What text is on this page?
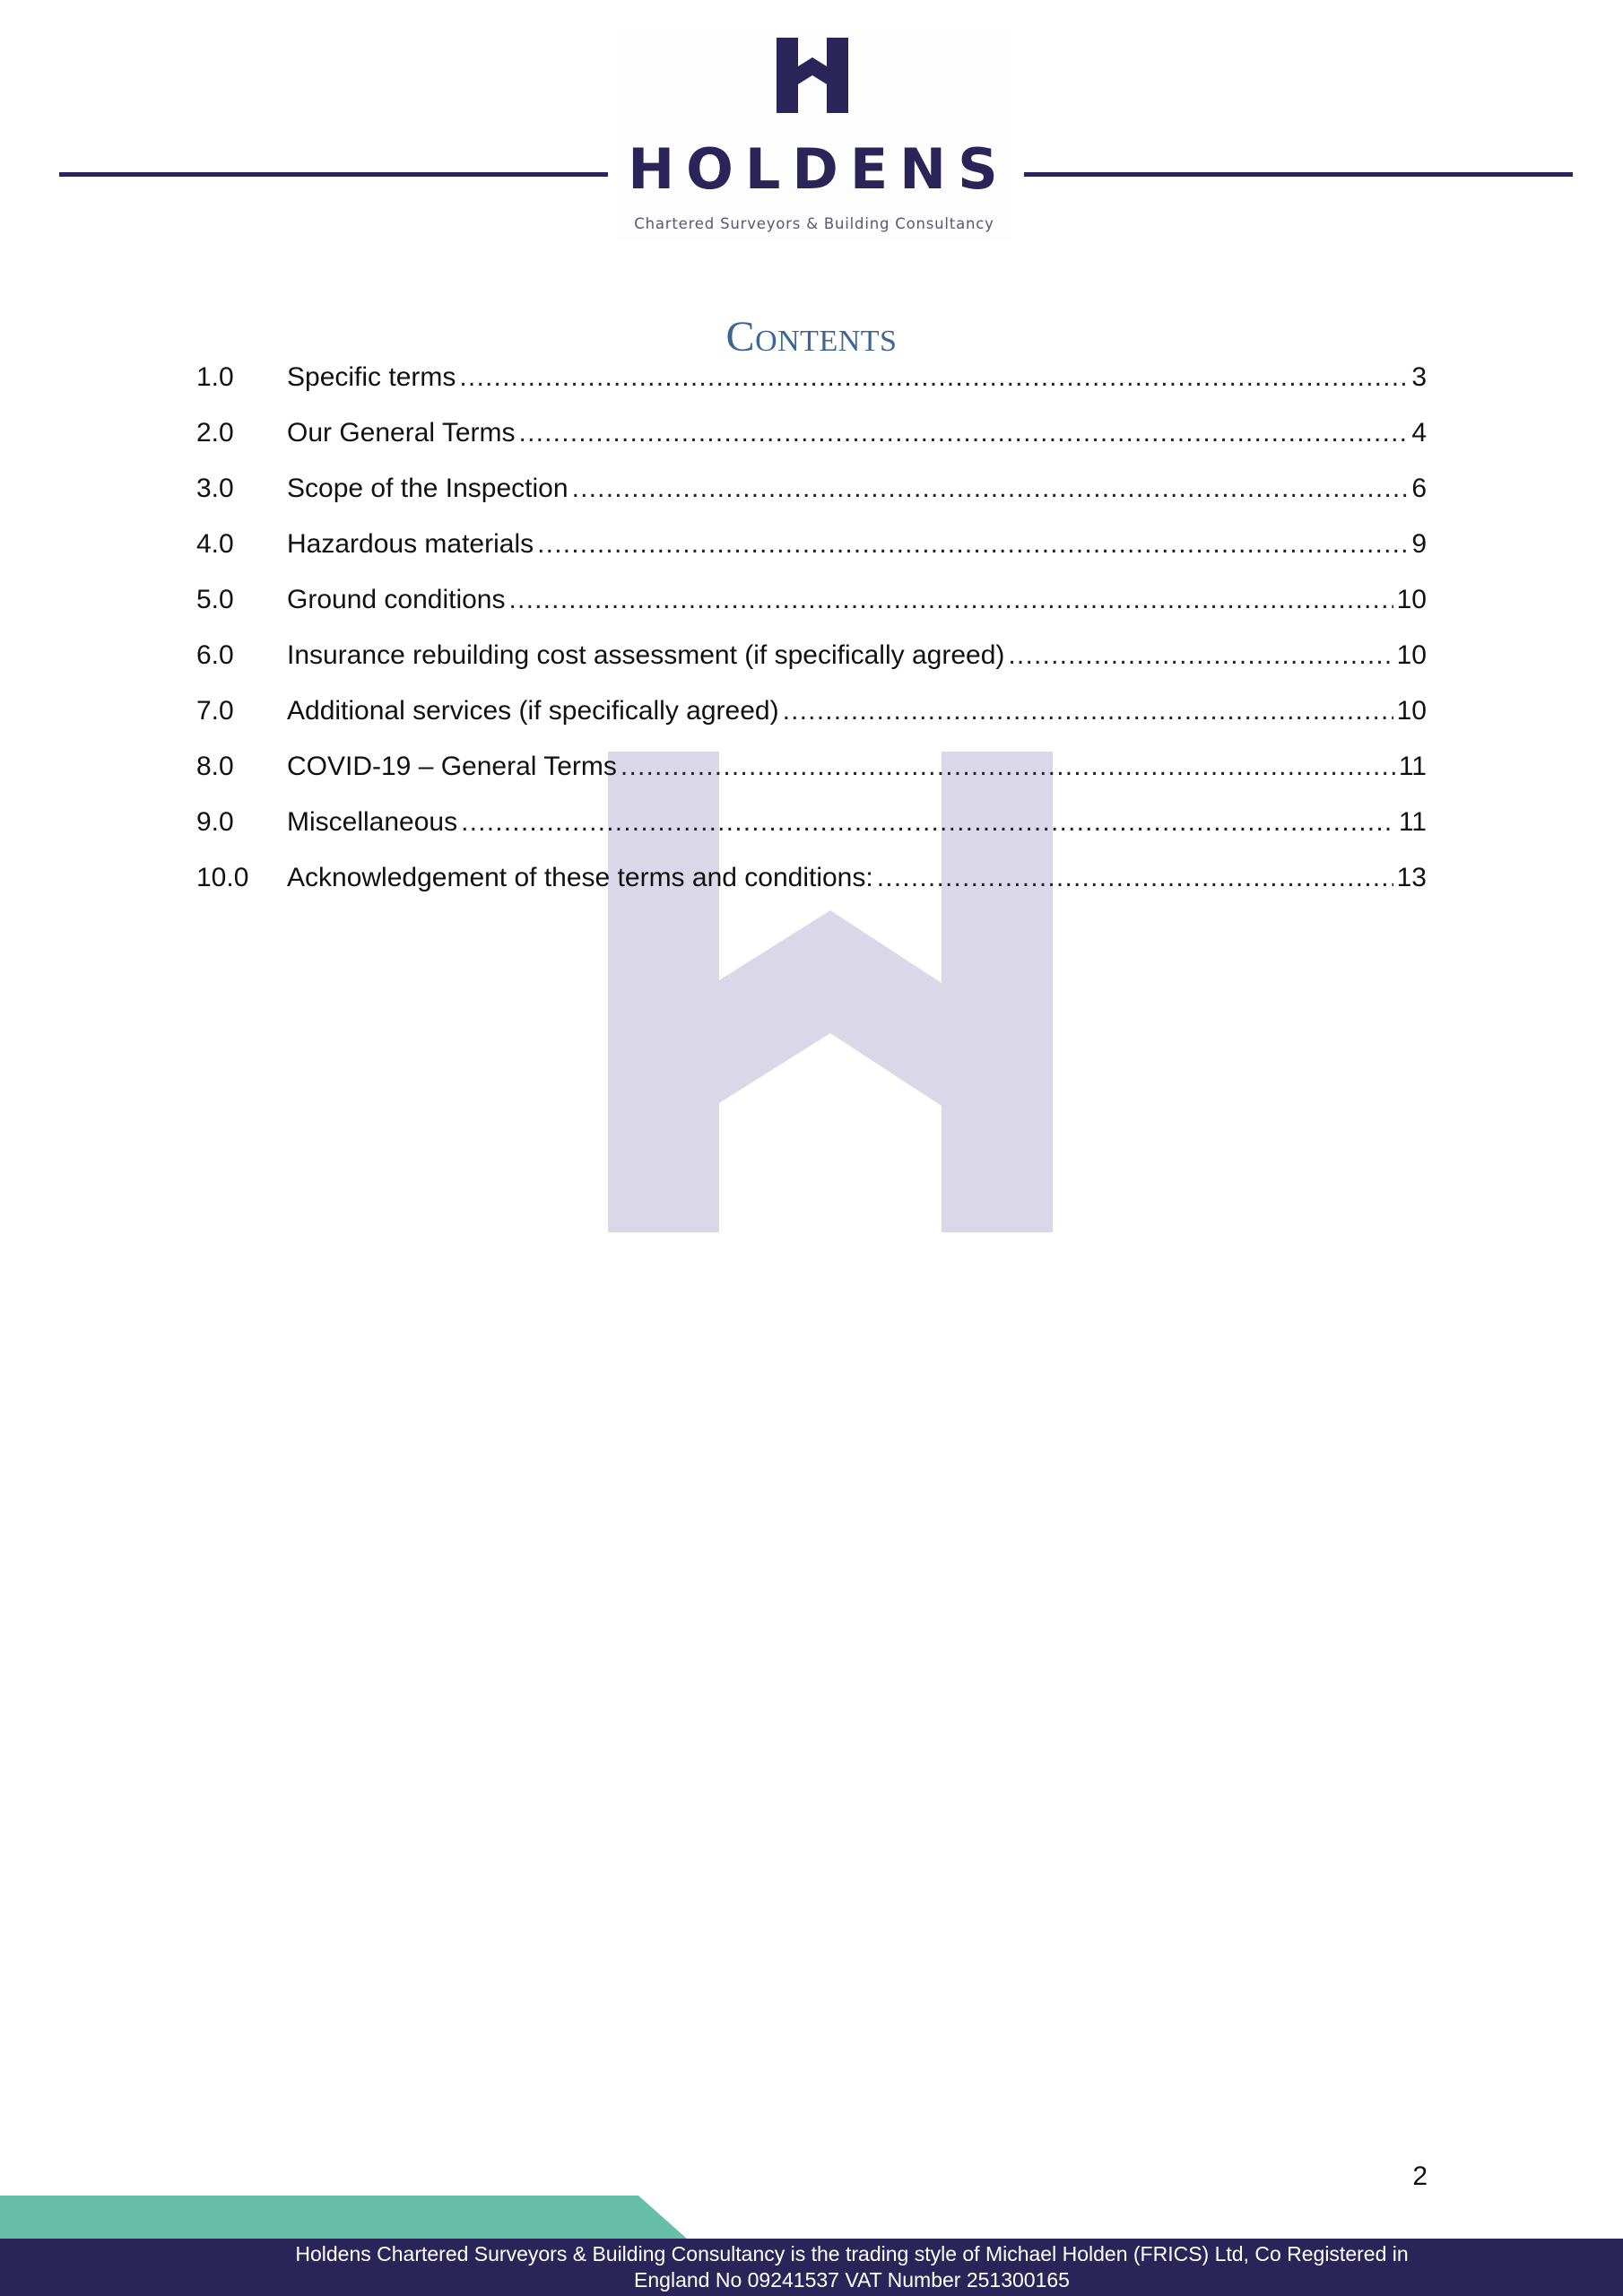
HOLDENS
Chartered Surveyors & Building Consultancy
Contents
1.0	Specific terms .....	3
2.0	Our General Terms .....	4
3.0	Scope of the Inspection .....	6
4.0	Hazardous materials .....	9
5.0	Ground conditions .....	10
6.0	Insurance rebuilding cost assessment (if specifically agreed) .....	10
7.0	Additional services (if specifically agreed) .....	10
8.0	COVID-19 – General Terms .....	11
9.0	Miscellaneous .....	11
10.0	Acknowledgement of these terms and conditions: .....	13
2
Holdens Chartered Surveyors & Building Consultancy is the trading style of Michael Holden (FRICS) Ltd, Co Registered in
England No 09241537 VAT Number 251300165
